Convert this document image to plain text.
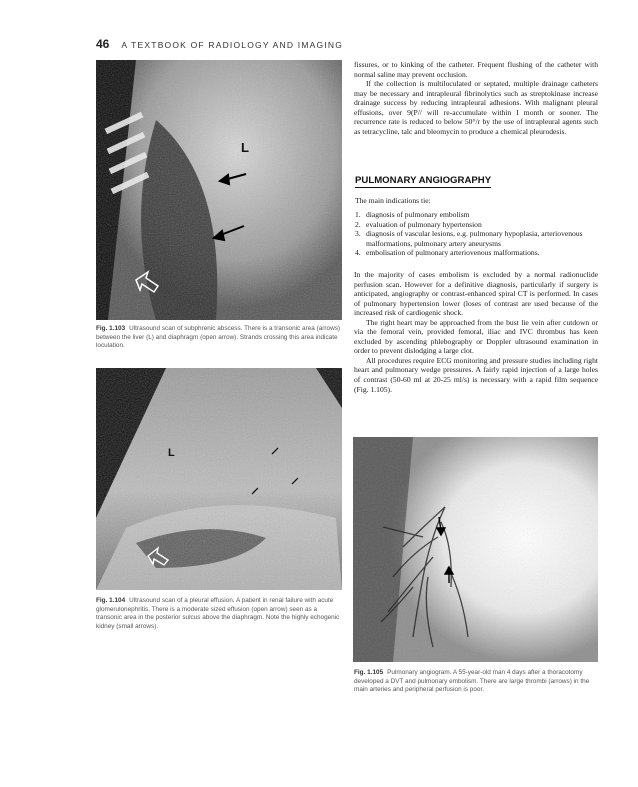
46 A TEXTBOOK OF RADIOLOGY AND IMAGING
L
Fig. 1.103 Ultrasound scan of subphrenic abscess. There is a transonic area (arrows) between the liver (L) and diaphragm (open arrow). Strands crossing this area indicate loculation.
L
Fig. 1.104 Ultrasound scan of a pleural effusion. A patient in renal failure with acute glomerulonephritis. There is a moderate sized effusion (open arrow) seen as a transonic area in the posterior sulcus above the diaphragm. Note the highly echogenic kidney (small arrows).

fissures, or to kinking of the catheter. Frequent flushing of the catheter with normal saline may prevent occlusion.

If the collection is multiloculated or septated, multiple drainage catheters may be necessary and intrapleural fibrinolytics such as streptokinase increase drainage success by reducing intrapleural adhesions. With malignant pleural effusions, over 9(P// will re-accumulate within I month or sooner. The recurrence rate is reduced to below 50°/r by the use of intrapleural agents such as tetracycline, talc and bleomycin to produce a chemical pleurodesis.

PULMONARY ANGIOGRAPHY
The main indications tie:
1. diagnosis of pulmonary embolism
2. evaluation of pulmonary hypertension
3. diagnosis of vascular lesions, e.g. pulmonary hypoplasia, arteriovenous malformations, pulmonary artery aneurysms
4. embolisation of pulmonary arteriovenous malformations.

In the majority of cases embolism is excluded by a normal radionuclide perfusion scan. However for a definitive diagnosis, particularly if surgery is anticipated, angiography or contrast-enhanced spiral CT is performed. In cases of pulmonary hypertension lower (loses of contrast are used because of the increased risk of cardiogenic shock.

The right heart may be approached from the bust lie vein after cutdown or via the femoral vein, provided femoral, iliac and IVC thrombus has keen excluded by ascending phlebography or Doppler ultrasound examination in order to prevent dislodging a large clot.

All procedures require ECG monitoring and pressure studies including right heart and pulmonary wedge pressures. A fairly rapid injection of a large holes of contrast (50-60 ml at 20-25 ml/s) is necessary with a rapid film sequence (Fig. 1.105).

Fig. 1.105 Pulmonary angiogram. A 55-year-old man 4 days after a thoracotomy developed a DVT and pulmonary embolism. There are large thrombi (arrows) in the main arteries and peripheral perfusion is poor.
